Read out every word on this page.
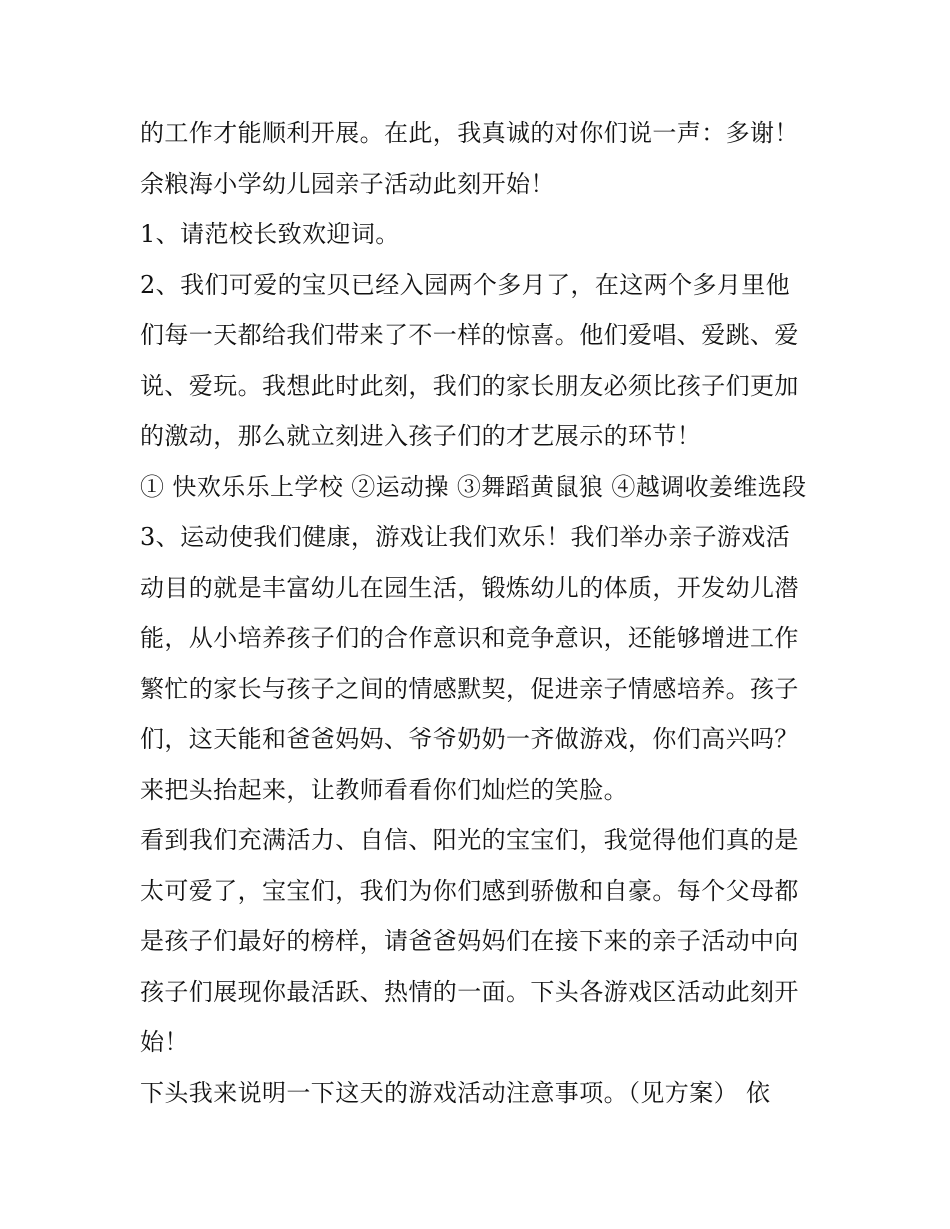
的工作才能顺利开展。在此，我真诚的对你们说一声：多谢！
余粮海小学幼儿园亲子活动此刻开始！
1、请范校长致欢迎词。
2、我们可爱的宝贝已经入园两个多月了，在这两个多月里他
们每一天都给我们带来了不一样的惊喜。他们爱唱、爱跳、爱
说、爱玩。我想此时此刻，我们的家长朋友必须比孩子们更加
的激动，那么就立刻进入孩子们的才艺展示的环节！
① 快欢乐乐上学校 ②运动操 ③舞蹈黄鼠狼 ④越调收姜维选段
3、运动使我们健康，游戏让我们欢乐！我们举办亲子游戏活
动目的就是丰富幼儿在园生活，锻炼幼儿的体质，开发幼儿潜
能，从小培养孩子们的合作意识和竞争意识，还能够增进工作
繁忙的家长与孩子之间的情感默契，促进亲子情感培养。孩子
们，这天能和爸爸妈妈、爷爷奶奶一齐做游戏，你们高兴吗？
来把头抬起来，让教师看看你们灿烂的笑脸。
看到我们充满活力、自信、阳光的宝宝们，我觉得他们真的是
太可爱了，宝宝们，我们为你们感到骄傲和自豪。每个父母都
是孩子们最好的榜样，请爸爸妈妈们在接下来的亲子活动中向
孩子们展现你最活跃、热情的一面。下头各游戏区活动此刻开
始！
下头我来说明一下这天的游戏活动注意事项。（见方案） 依
